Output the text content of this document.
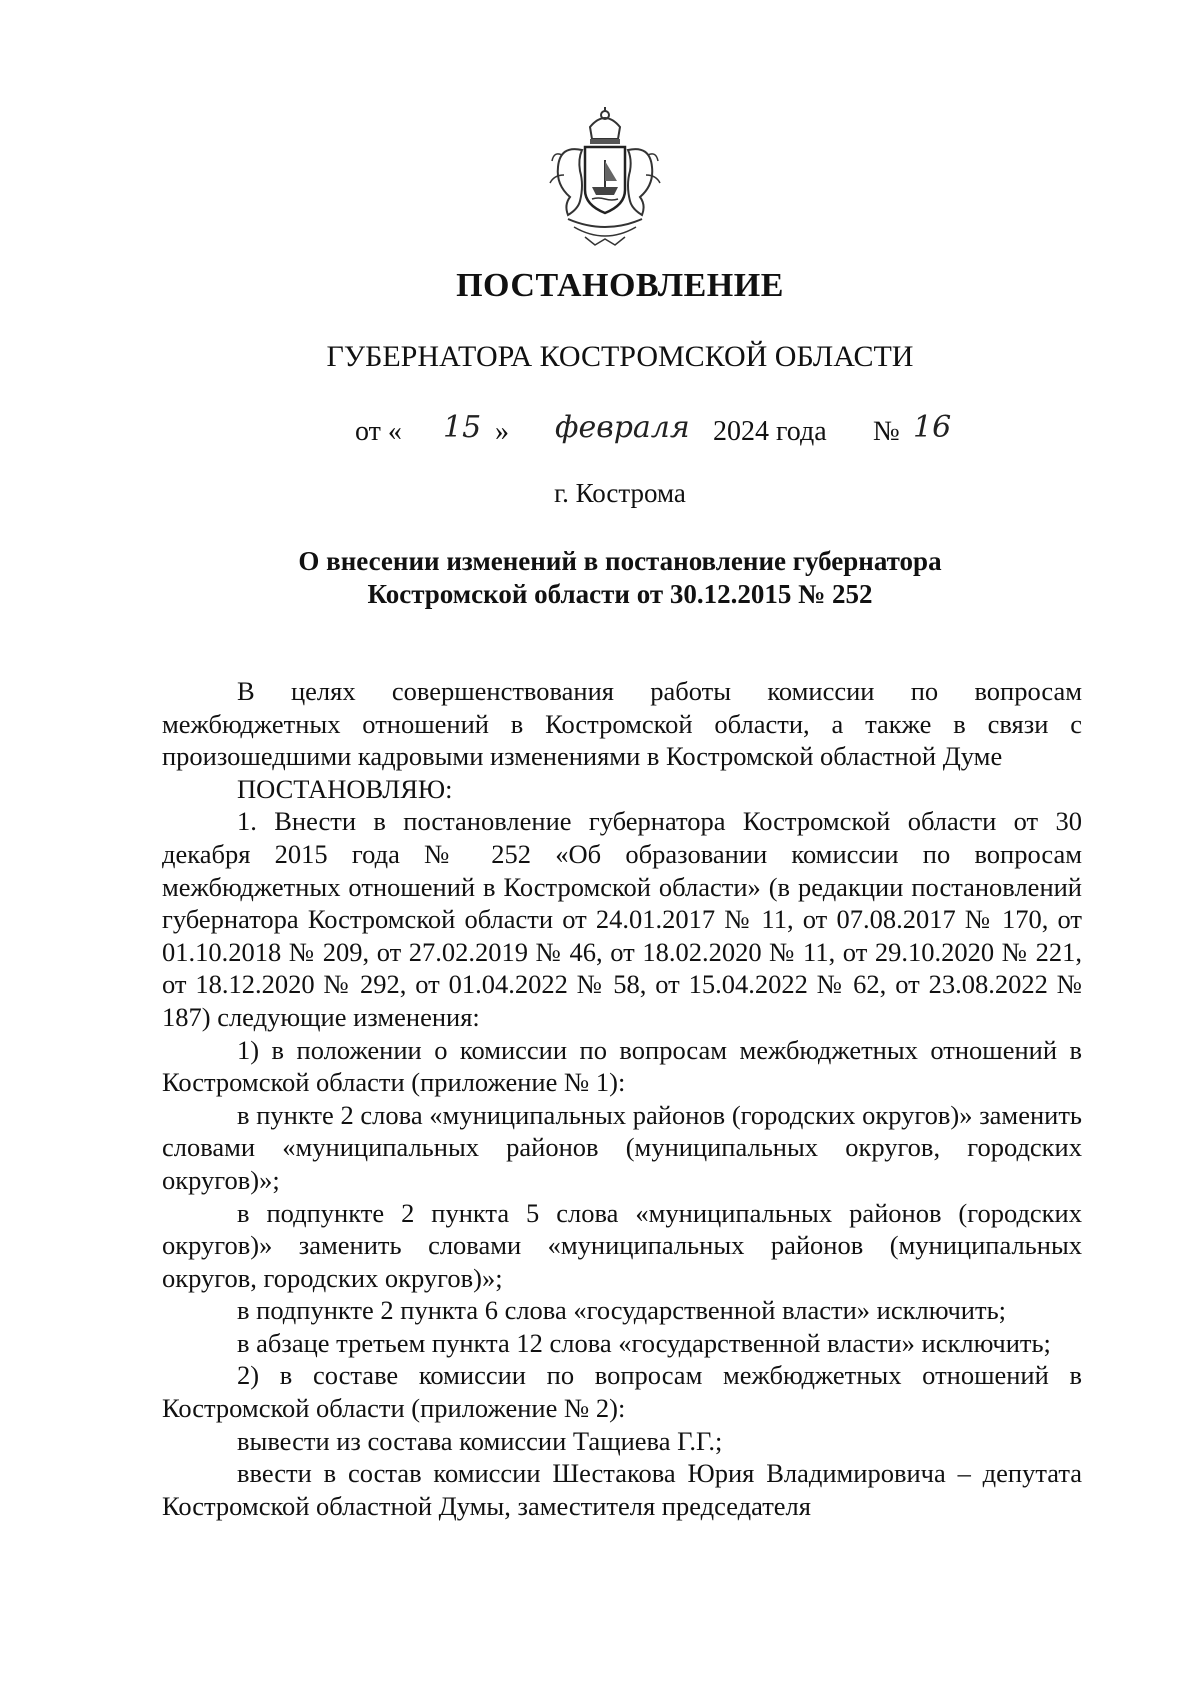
ПОСТАНОВЛЕНИЕ
ГУБЕРНАТОРА КОСТРОМСКОЙ ОБЛАСТИ
от « 15 » февраля 2024 года № 16
г. Кострома
О внесении изменений в постановление губернатора
Костромской области от 30.12.2015 № 252

В целях совершенствования работы комиссии по вопросам межбюджетных отношений в Костромской области, а также в связи с произошедшими кадровыми изменениями в Костромской областной Думе

ПОСТАНОВЛЯЮ:

1. Внести в постановление губернатора Костромской области от 30 декабря 2015 года № 252 «Об образовании комиссии по вопросам межбюджетных отношений в Костромской области» (в редакции постановлений губернатора Костромской области от 24.01.2017 № 11, от 07.08.2017 № 170, от 01.10.2018 № 209, от 27.02.2019 № 46, от 18.02.2020 № 11, от 29.10.2020 № 221, от 18.12.2020 № 292, от 01.04.2022 № 58, от 15.04.2022 № 62, от 23.08.2022 № 187) следующие изменения:

1) в положении о комиссии по вопросам межбюджетных отношений в Костромской области (приложение № 1):

в пункте 2 слова «муниципальных районов (городских округов)» заменить словами «муниципальных районов (муниципальных округов, городских округов)»;

в подпункте 2 пункта 5 слова «муниципальных районов (городских округов)» заменить словами «муниципальных районов (муниципальных округов, городских округов)»;

в подпункте 2 пункта 6 слова «государственной власти» исключить;

в абзаце третьем пункта 12 слова «государственной власти» исключить;

2) в составе комиссии по вопросам межбюджетных отношений в Костромской области (приложение № 2):

вывести из состава комиссии Тащиева Г.Г.;

ввести в состав комиссии Шестакова Юрия Владимировича – депутата Костромской областной Думы, заместителя председателя
